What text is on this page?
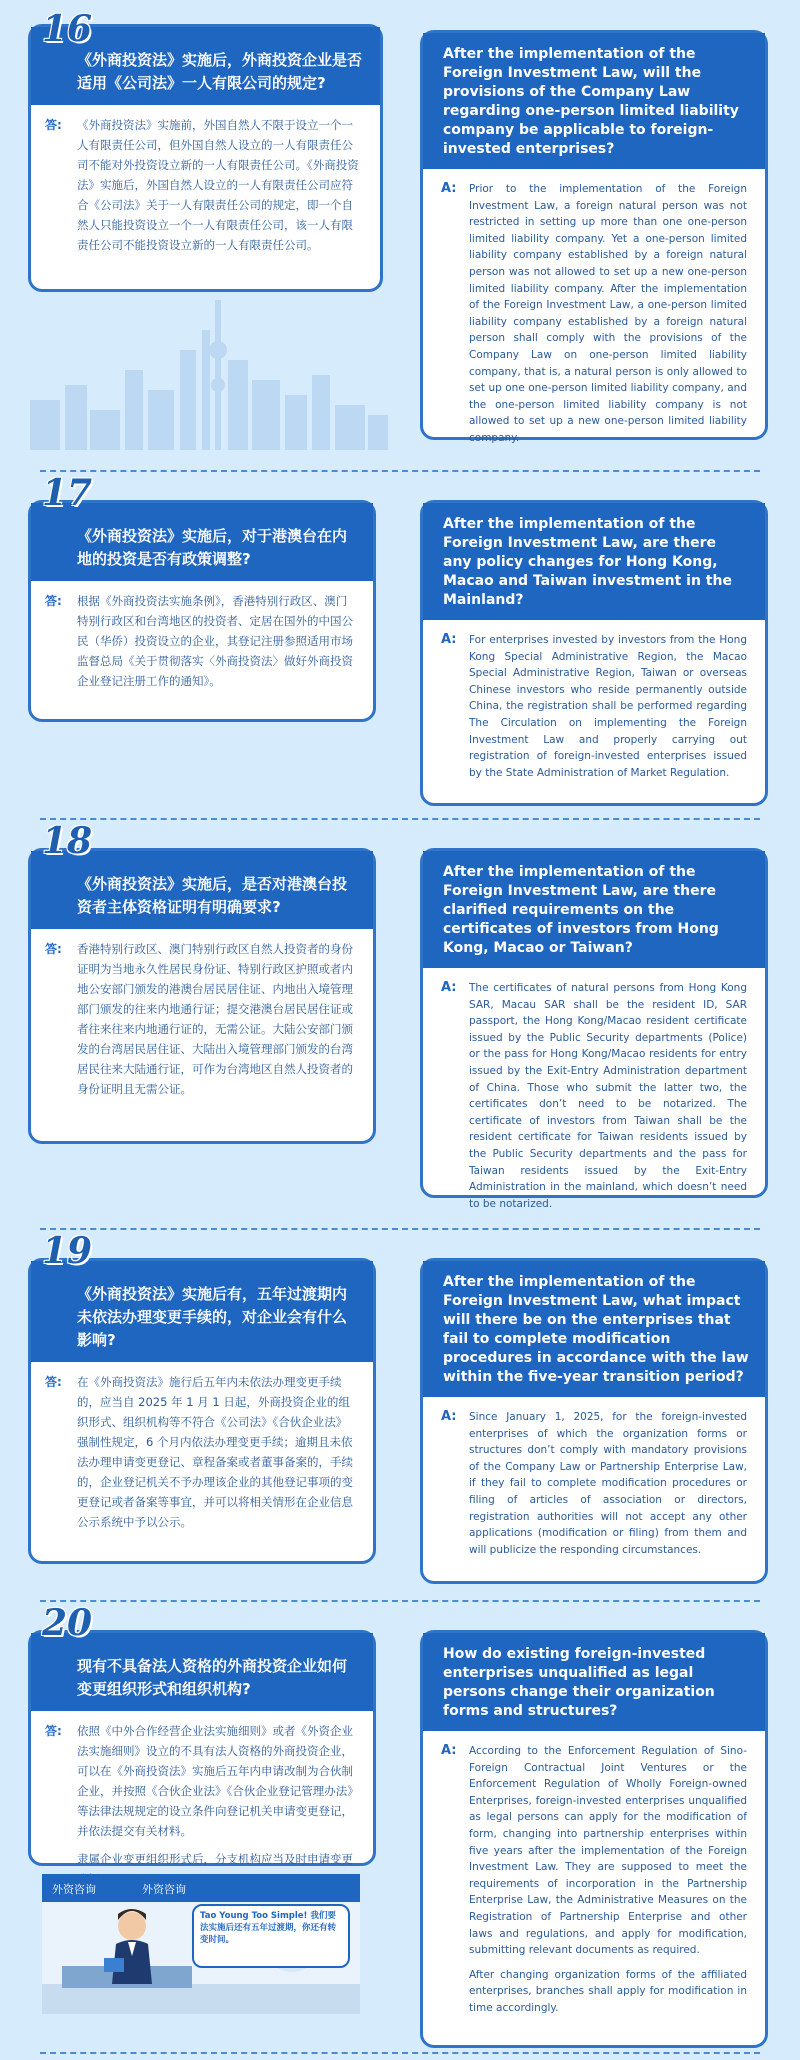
16
《外商投资法》实施后，外商投资企业是否适用《公司法》一人有限公司的规定?
答: 《外商投资法》实施前，外国自然人不限于设立一个一人有限责任公司，但外国自然人设立的一人有限责任公司不能对外投资设立新的一人有限责任公司。《外商投资法》实施后，外国自然人设立的一人有限责任公司应符合《公司法》关于一人有限责任公司的规定，即一个自然人只能投资设立一个一人有限责任公司，该一人有限责任公司不能投资设立新的一人有限责任公司。

After the implementation of the Foreign Investment Law, will the provisions of the Company Law regarding one-person limited liability company be applicable to foreign-invested enterprises?
A: Prior to the implementation of the Foreign Investment Law, a foreign natural person was not restricted in setting up more than one one-person limited liability company. Yet a one-person limited liability company established by a foreign natural person was not allowed to set up a new one-person limited liability company. After the implementation of the Foreign Investment Law, a one-person limited liability company established by a foreign natural person shall comply with the provisions of the Company Law on one-person limited liability company, that is, a natural person is only allowed to set up one one-person limited liability company, and the one-person limited liability company is not allowed to set up a new one-person limited liability company.

17
《外商投资法》实施后，对于港澳台在内地的投资是否有政策调整?
答: 根据《外商投资法实施条例》，香港特别行政区、澳门特别行政区和台湾地区的投资者、定居在国外的中国公民（华侨）投资设立的企业，其登记注册参照适用市场监督总局《关于贯彻落实〈外商投资法〉做好外商投资企业登记注册工作的通知》。

After the implementation of the Foreign Investment Law, are there any policy changes for Hong Kong, Macao and Taiwan investment in the Mainland?
A: For enterprises invested by investors from the Hong Kong Special Administrative Region, the Macao Special Administrative Region, Taiwan or overseas Chinese investors who reside permanently outside China, the registration shall be performed regarding The Circulation on implementing the Foreign Investment Law and properly carrying out registration of foreign-invested enterprises issued by the State Administration of Market Regulation.

18
《外商投资法》实施后，是否对港澳台投资者主体资格证明有明确要求?
答: 香港特别行政区、澳门特别行政区自然人投资者的身份证明为当地永久性居民身份证、特别行政区护照或者内地公安部门颁发的港澳台居民居住证、内地出入境管理部门颁发的往来内地通行证；提交港澳台居民居住证或者往来往来内地通行证的，无需公证。大陆公安部门颁发的台湾居民居住证、大陆出入境管理部门颁发的台湾居民往来大陆通行证，可作为台湾地区自然人投资者的身份证明且无需公证。

After the implementation of the Foreign Investment Law, are there clarified requirements on the certificates of investors from Hong Kong, Macao or Taiwan?
A: The certificates of natural persons from Hong Kong SAR, Macau SAR shall be the resident ID, SAR passport, the Hong Kong/Macao resident certificate issued by the Public Security departments (Police) or the pass for Hong Kong/Macao residents for entry issued by the Exit-Entry Administration department of China. Those who submit the latter two, the certificates don’t need to be notarized. The certificate of investors from Taiwan shall be the resident certificate for Taiwan residents issued by the Public Security departments and the pass for Taiwan residents issued by the Exit-Entry Administration in the mainland, which doesn’t need to be notarized.

19
《外商投资法》实施后有，五年过渡期内未依法办理变更手续的，对企业会有什么影响?
答: 在《外商投资法》施行后五年内未依法办理变更手续的，应当自 2025 年 1 月 1 日起，外商投资企业的组织形式、组织机构等不符合《公司法》《合伙企业法》强制性规定，6 个月内依法办理变更手续；逾期且未依法办理申请变更登记、章程备案或者董事备案的，手续的，企业登记机关不予办理该企业的其他登记事项的变更登记或者备案等事宜，并可以将相关情形在企业信息公示系统中予以公示。

After the implementation of the Foreign Investment Law, what impact will there be on the enterprises that fail to complete modification procedures in accordance with the law within the five-year transition period?
A: Since January 1, 2025, for the foreign-invested enterprises of which the organization forms or structures don’t comply with mandatory provisions of the Company Law or Partnership Enterprise Law, if they fail to complete modification procedures or filing of articles of association or directors, registration authorities will not accept any other applications (modification or filing) from them and will publicize the responding circumstances.

20
现有不具备法人资格的外商投资企业如何变更组织形式和组织机构?
答: 依照《中外合作经营企业法实施细则》或者《外资企业法实施细则》设立的不具有法人资格的外商投资企业，可以在《外商投资法》实施后五年内申请改制为合伙制企业，并按照《合伙企业法》《合伙企业登记管理办法》等法律法规规定的设立条件向登记机关申请变更登记，并依法提交有关材料。

隶属企业变更组织形式后，分支机构应当及时申请变更

外资咨询	外资咨询
Tao Young Too Simple! 我们要法实施后还有五年过渡期，你还有转变时间。
How do existing foreign-invested enterprises unqualified as legal persons change their organization forms and structures?
A: According to the Enforcement Regulation of Sino-Foreign Contractual Joint Ventures or the Enforcement Regulation of Wholly Foreign-owned Enterprises, foreign-invested enterprises unqualified as legal persons can apply for the modification of form, changing into partnership enterprises within five years after the implementation of the Foreign Investment Law. They are supposed to meet the requirements of incorporation in the Partnership Enterprise Law, the Administrative Measures on the Registration of Partnership Enterprise and other laws and regulations, and apply for modification, submitting relevant documents as required.

After changing organization forms of the affiliated enterprises, branches shall apply for modification in time accordingly.
